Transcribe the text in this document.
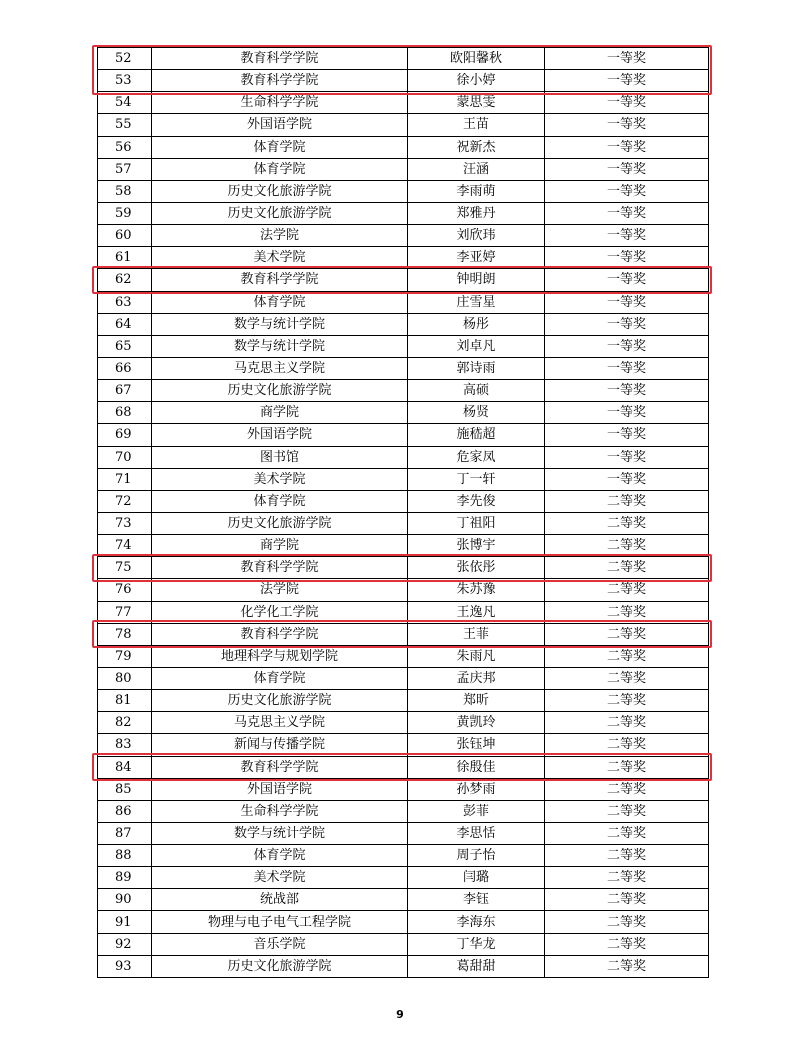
52	教育科学学院	欧阳馨秋	一等奖
53	教育科学学院	徐小婷	一等奖
54	生命科学学院	蒙思雯	一等奖
55	外国语学院	王苗	一等奖
56	体育学院	祝新杰	一等奖
57	体育学院	汪涵	一等奖
58	历史文化旅游学院	李雨萌	一等奖
59	历史文化旅游学院	郑雅丹	一等奖
60	法学院	刘欣玮	一等奖
61	美术学院	李亚婷	一等奖
62	教育科学学院	钟明朗	一等奖
63	体育学院	庄雪星	一等奖
64	数学与统计学院	杨彤	一等奖
65	数学与统计学院	刘卓凡	一等奖
66	马克思主义学院	郭诗雨	一等奖
67	历史文化旅游学院	高硕	一等奖
68	商学院	杨贤	一等奖
69	外国语学院	施嵇超	一等奖
70	图书馆	危家凤	一等奖
71	美术学院	丁一轩	一等奖
72	体育学院	李先俊	二等奖
73	历史文化旅游学院	丁祖阳	二等奖
74	商学院	张博宇	二等奖
75	教育科学学院	张依彤	二等奖
76	法学院	朱苏豫	二等奖
77	化学化工学院	王逸凡	二等奖
78	教育科学学院	王菲	二等奖
79	地理科学与规划学院	朱雨凡	二等奖
80	体育学院	孟庆邦	二等奖
81	历史文化旅游学院	郑昕	二等奖
82	马克思主义学院	黄凯玲	二等奖
83	新闻与传播学院	张钰坤	二等奖
84	教育科学学院	徐殷佳	二等奖
85	外国语学院	孙梦雨	二等奖
86	生命科学学院	彭菲	二等奖
87	数学与统计学院	李思恬	二等奖
88	体育学院	周子怡	二等奖
89	美术学院	闫璐	二等奖
90	统战部	李钰	二等奖
91	物理与电子电气工程学院	李海东	二等奖
92	音乐学院	丁华龙	二等奖
93	历史文化旅游学院	葛甜甜	二等奖
9
